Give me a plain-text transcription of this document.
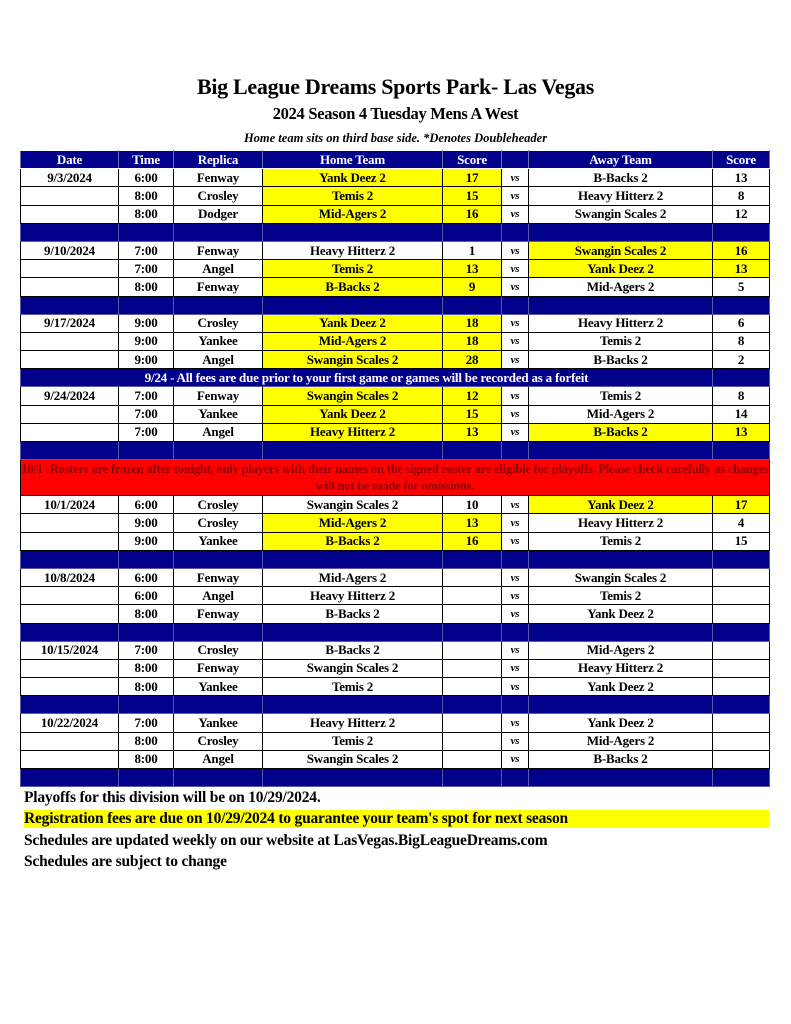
Big League Dreams Sports Park- Las Vegas
2024 Season 4 Tuesday Mens A West
Home team sits on third base side. *Denotes Doubleheader
Date	Time	Replica	Home Team	Score		Away Team	Score
9/3/2024	6:00	Fenway	Yank Deez 2	17	vs	B-Backs 2	13
	8:00	Crosley	Temis 2	15	vs	Heavy Hitterz 2	8
	8:00	Dodger	Mid-Agers 2	16	vs	Swangin Scales 2	12

9/10/2024	7:00	Fenway	Heavy Hitterz 2	1	vs	Swangin Scales 2	16
	7:00	Angel	Temis 2	13	vs	Yank Deez 2	13
	8:00	Fenway	B-Backs 2	9	vs	Mid-Agers 2	5

9/17/2024	9:00	Crosley	Yank Deez 2	18	vs	Heavy Hitterz 2	6
	9:00	Yankee	Mid-Agers 2	18	vs	Temis 2	8
	9:00	Angel	Swangin Scales 2	28	vs	B-Backs 2	2
9/24 - All fees are due prior to your first game or games will be recorded as a forfeit							
9/24/2024	7:00	Fenway	Swangin Scales 2	12	vs	Temis 2	8
	7:00	Yankee	Yank Deez 2	15	vs	Mid-Agers 2	14
	7:00	Angel	Heavy Hitterz 2	13	vs	B-Backs 2	13

10/1 -Rosters are frozen after tonight, only players with their names on the signed roster are eligible for playoffs. Please check carefully as changes will not be made for omissions.							
10/1/2024	6:00	Crosley	Swangin Scales 2	10	vs	Yank Deez 2	17
	9:00	Crosley	Mid-Agers 2	13	vs	Heavy Hitterz 2	4
	9:00	Yankee	B-Backs 2	16	vs	Temis 2	15

10/8/2024	6:00	Fenway	Mid-Agers 2		vs	Swangin Scales 2	
	6:00	Angel	Heavy Hitterz 2		vs	Temis 2	
	8:00	Fenway	B-Backs 2		vs	Yank Deez 2	

10/15/2024	7:00	Crosley	B-Backs 2		vs	Mid-Agers 2	
	8:00	Fenway	Swangin Scales 2		vs	Heavy Hitterz 2	
	8:00	Yankee	Temis 2		vs	Yank Deez 2	

10/22/2024	7:00	Yankee	Heavy Hitterz 2		vs	Yank Deez 2	
	8:00	Crosley	Temis 2		vs	Mid-Agers 2	
	8:00	Angel	Swangin Scales 2		vs	B-Backs 2	

Playoffs for this division will be on 10/29/2024.
Registration fees are due on 10/29/2024 to guarantee your team's spot for next season
Schedules are updated weekly on our website at LasVegas.BigLeagueDreams.com
Schedules are subject to change
